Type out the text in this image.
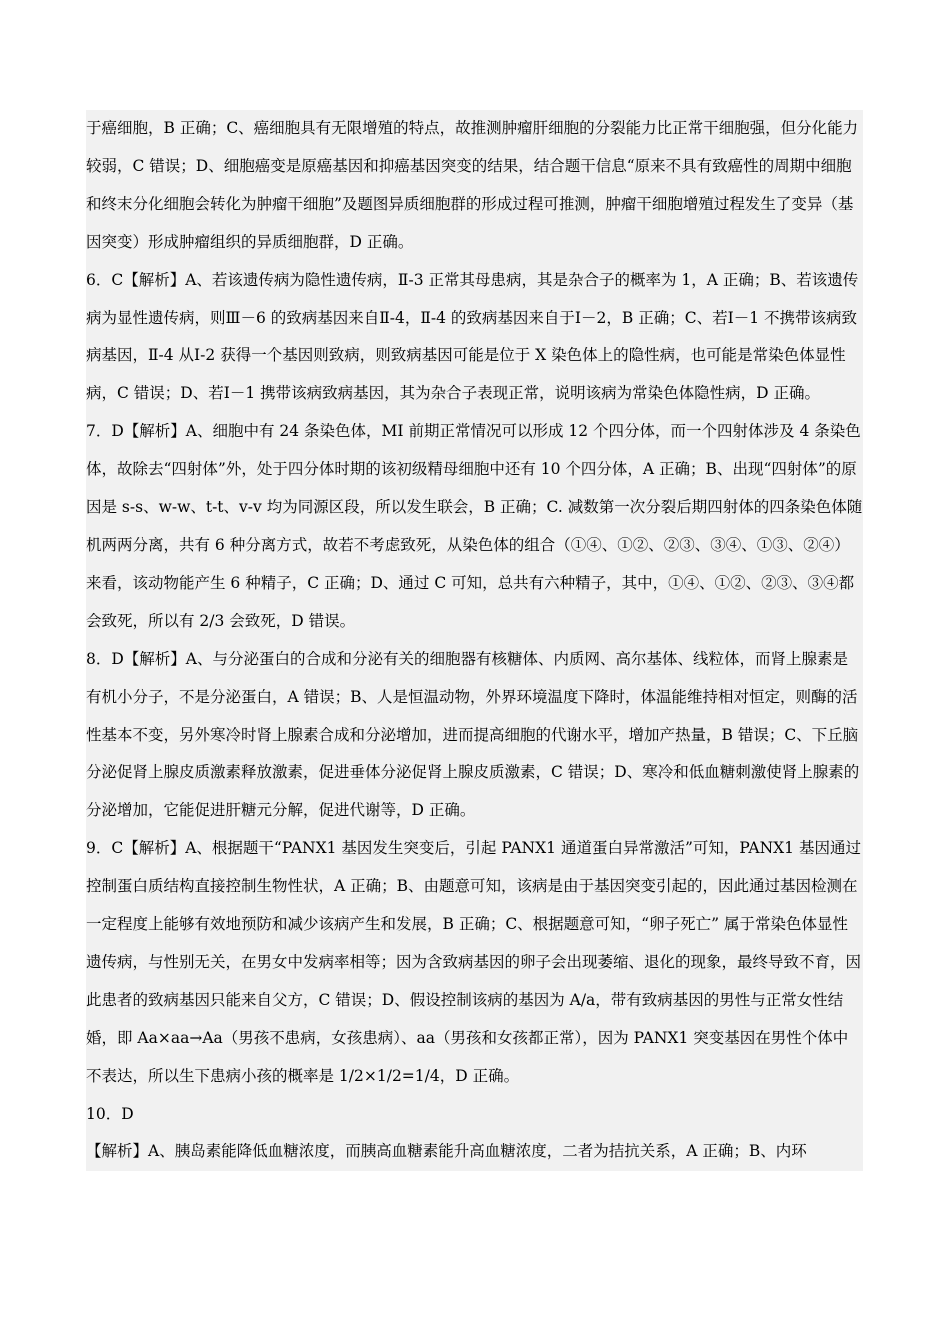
于癌细胞，B 正确；C、癌细胞具有无限增殖的特点，故推测肿瘤肝细胞的分裂能力比正常干细胞强，但分化能力较弱，C 错误；D、细胞癌变是原癌基因和抑癌基因突变的结果，结合题干信息“原来不具有致癌性的周期中细胞和终末分化细胞会转化为肿瘤干细胞”及题图异质细胞群的形成过程可推测，肿瘤干细胞增殖过程发生了变异（基因突变）形成肿瘤组织的异质细胞群，D 正确。

6．C【解析】A、若该遗传病为隐性遗传病，Ⅱ-3 正常其母患病，其是杂合子的概率为 1，A 正确；B、若该遗传病为显性遗传病，则Ⅲ－6 的致病基因来自Ⅱ-4，Ⅱ-4 的致病基因来自于Ⅰ－2，B 正确；C、若Ⅰ－1 不携带该病致病基因，Ⅱ-4 从Ⅰ-2 获得一个基因则致病，则致病基因可能是位于 X 染色体上的隐性病，也可能是常染色体显性病，C 错误；D、若Ⅰ－1 携带该病致病基因，其为杂合子表现正常，说明该病为常染色体隐性病，D 正确。

7．D【解析】A、细胞中有 24 条染色体，MI 前期正常情况可以形成 12 个四分体，而一个四射体涉及 4 条染色体，故除去“四射体”外，处于四分体时期的该初级精母细胞中还有 10 个四分体，A 正确；B、出现“四射体”的原因是 s-s、w-w、t-t、v-v 均为同源区段，所以发生联会，B 正确；C. 减数第一次分裂后期四射体的四条染色体随机两两分离，共有 6 种分离方式，故若不考虑致死，从染色体的组合（①④、①②、②③、③④、①③、②④）来看，该动物能产生 6 种精子，C 正确；D、通过 C 可知，总共有六种精子，其中，①④、①②、②③、③④都会致死，所以有 2/3 会致死，D 错误。

8．D【解析】A、与分泌蛋白的合成和分泌有关的细胞器有核糖体、内质网、高尔基体、线粒体，而肾上腺素是有机小分子，不是分泌蛋白，A 错误；B、人是恒温动物，外界环境温度下降时，体温能维持相对恒定，则酶的活性基本不变，另外寒冷时肾上腺素合成和分泌增加，进而提高细胞的代谢水平，增加产热量，B 错误；C、下丘脑分泌促肾上腺皮质激素释放激素，促进垂体分泌促肾上腺皮质激素，C 错误；D、寒冷和低血糖刺激使肾上腺素的分泌增加，它能促进肝糖元分解，促进代谢等，D 正确。

9．C【解析】A、根据题干“PANX1 基因发生突变后，引起 PANX1 通道蛋白异常激活”可知，PANX1 基因通过控制蛋白质结构直接控制生物性状，A 正确；B、由题意可知，该病是由于基因突变引起的，因此通过基因检测在一定程度上能够有效地预防和减少该病产生和发展，B 正确；C、根据题意可知，“卵子死亡” 属于常染色体显性遗传病，与性别无关，在男女中发病率相等；因为含致病基因的卵子会出现萎缩、退化的现象，最终导致不育，因此患者的致病基因只能来自父方，C 错误；D、假设控制该病的基因为 A/a，带有致病基因的男性与正常女性结婚，即 Aa×aa→Aa（男孩不患病，女孩患病）、aa（男孩和女孩都正常），因为 PANX1 突变基因在男性个体中不表达，所以生下患病小孩的概率是 1/2×1/2=1/4，D 正确。

10．D

【解析】A、胰岛素能降低血糖浓度，而胰高血糖素能升高血糖浓度，二者为拮抗关系，A 正确；B、内环
